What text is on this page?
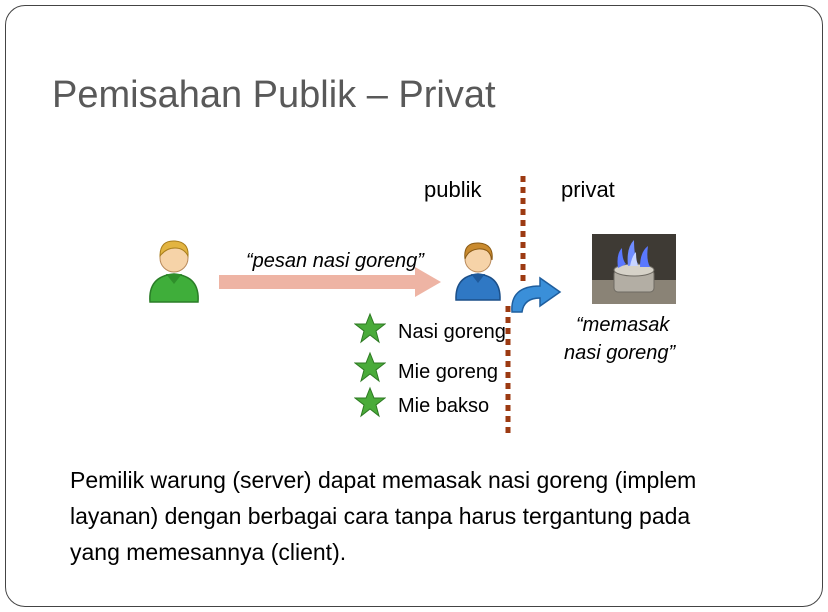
Pemisahan Publik – Privat
publik	privat
“pesan nasi goreng”
“memasak
nasi goreng”
Nasi goreng
Mie goreng
Mie bakso
Pemilik warung (server) dapat memasak nasi goreng (implem
layanan) dengan berbagai cara tanpa harus tergantung pada
yang memesannya (client).
